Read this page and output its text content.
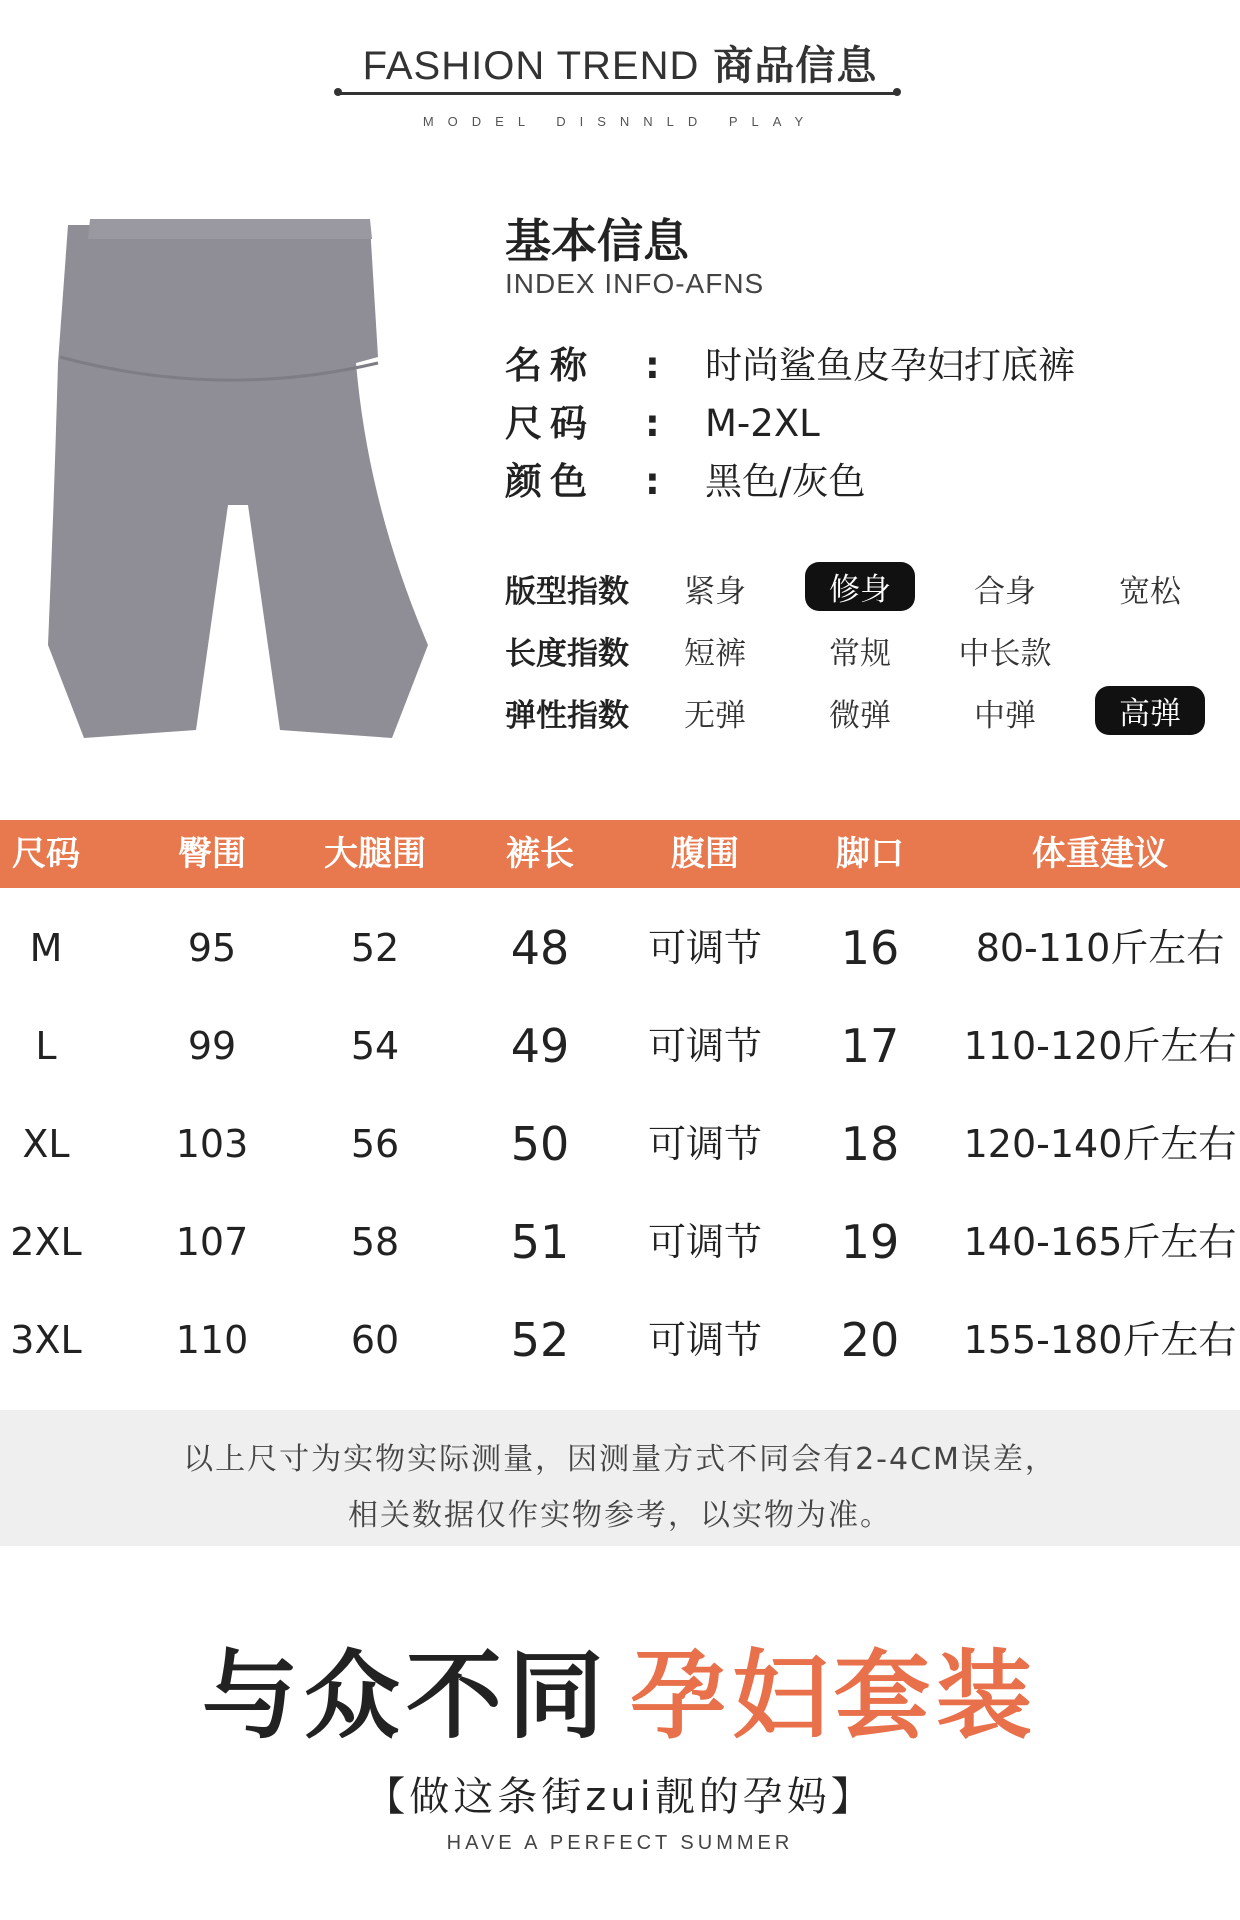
FASHION TREND 商品信息
MODEL DISNNLD PLAY
基本信息
INDEX INFO-AFNS
名称 : 时尚鲨鱼皮孕妇打底裤
尺码 : M-2XL
颜色 : 黑色/灰色
版型指数	紧身	修身	合身	宽松
长度指数	短裤	常规	中长款
弹性指数	无弹	微弹	中弹	高弹
尺码	臀围	大腿围	裤长	腹围	脚口	体重建议
M	95	52	48	可调节	16	80-110斤左右
L	99	54	49	可调节	17	110-120斤左右
XL	103	56	50	可调节	18	120-140斤左右
2XL	107	58	51	可调节	19	140-165斤左右
3XL	110	60	52	可调节	20	155-180斤左右

以上尺寸为实物实际测量，因测量方式不同会有2-4CM误差，

相关数据仅作实物参考，以实物为准。

与众不同 孕妇套装
【做这条街zui靓的孕妈】
HAVE A PERFECT SUMMER
